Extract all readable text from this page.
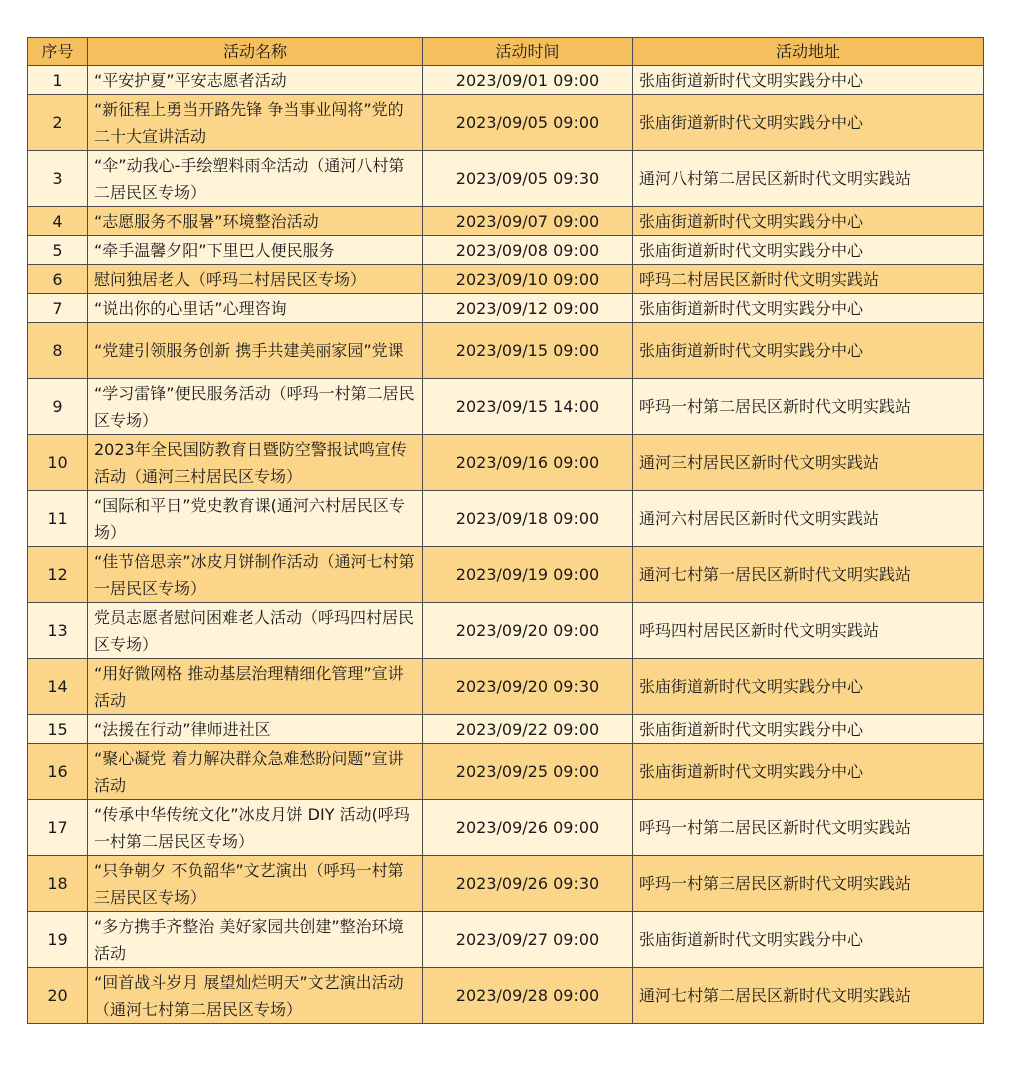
序号	活动名称	活动时间	活动地址
1	“平安护夏”平安志愿者活动	2023/09/01 09:00	张庙街道新时代文明实践分中心
2	“新征程上勇当开路先锋 争当事业闯将”党的二十大宣讲活动	2023/09/05 09:00	张庙街道新时代文明实践分中心
3	“伞”动我心-手绘塑料雨伞活动（通河八村第二居民区专场）	2023/09/05 09:30	通河八村第二居民区新时代文明实践站
4	“志愿服务不服暑”环境整治活动	2023/09/07 09:00	张庙街道新时代文明实践分中心
5	“牵手温馨夕阳”下里巴人便民服务	2023/09/08 09:00	张庙街道新时代文明实践分中心
6	慰问独居老人（呼玛二村居民区专场）	2023/09/10 09:00	呼玛二村居民区新时代文明实践站
7	“说出你的心里话”心理咨询	2023/09/12 09:00	张庙街道新时代文明实践分中心
8	“党建引领服务创新 携手共建美丽家园”党课	2023/09/15 09:00	张庙街道新时代文明实践分中心
9	“学习雷锋”便民服务活动（呼玛一村第二居民区专场）	2023/09/15 14:00	呼玛一村第二居民区新时代文明实践站
10	2023年全民国防教育日暨防空警报试鸣宣传活动（通河三村居民区专场）	2023/09/16 09:00	通河三村居民区新时代文明实践站
11	“国际和平日”党史教育课(通河六村居民区专场）	2023/09/18 09:00	通河六村居民区新时代文明实践站
12	“佳节倍思亲”冰皮月饼制作活动（通河七村第一居民区专场）	2023/09/19 09:00	通河七村第一居民区新时代文明实践站
13	党员志愿者慰问困难老人活动（呼玛四村居民区专场）	2023/09/20 09:00	呼玛四村居民区新时代文明实践站
14	“用好微网格 推动基层治理精细化管理”宣讲活动	2023/09/20 09:30	张庙街道新时代文明实践分中心
15	“法援在行动”律师进社区	2023/09/22 09:00	张庙街道新时代文明实践分中心
16	“聚心凝党 着力解决群众急难愁盼问题”宣讲活动	2023/09/25 09:00	张庙街道新时代文明实践分中心
17	“传承中华传统文化”冰皮月饼 DIY 活动(呼玛一村第二居民区专场）	2023/09/26 09:00	呼玛一村第二居民区新时代文明实践站
18	“只争朝夕 不负韶华”文艺演出（呼玛一村第三居民区专场）	2023/09/26 09:30	呼玛一村第三居民区新时代文明实践站
19	“多方携手齐整治 美好家园共创建”整治环境活动	2023/09/27 09:00	张庙街道新时代文明实践分中心
20	“回首战斗岁月 展望灿烂明天”文艺演出活动（通河七村第二居民区专场）	2023/09/28 09:00	通河七村第二居民区新时代文明实践站
